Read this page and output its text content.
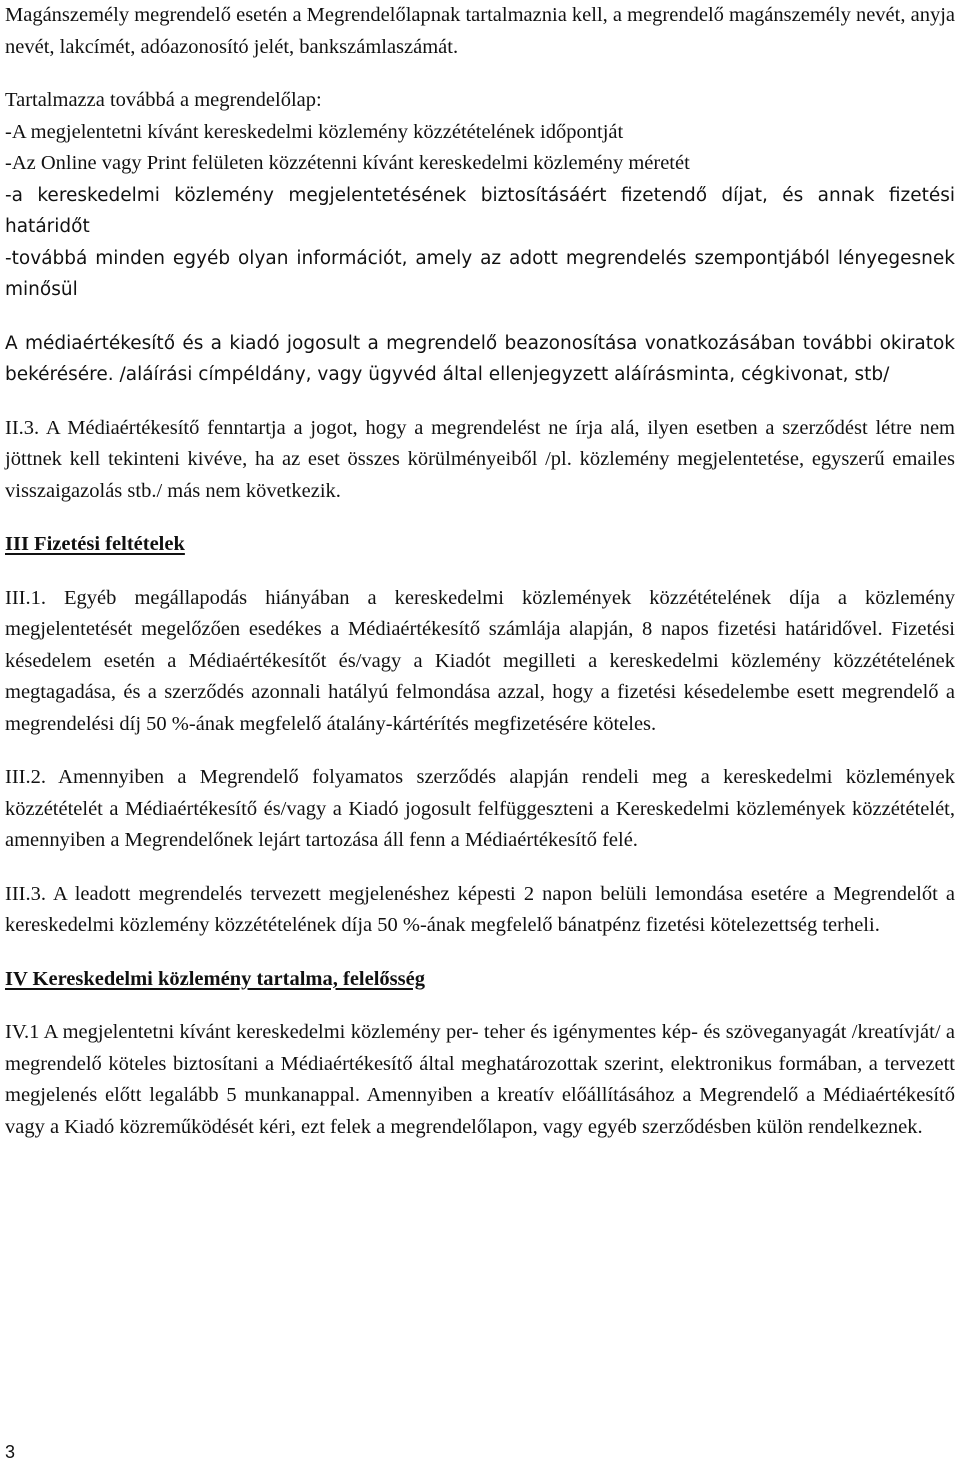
Magánszemély megrendelő esetén a Megrendelőlapnak tartalmaznia kell, a megrendelő magánszemély nevét, anyja nevét, lakcímét, adóazonosító jelét, bankszámlaszámát.

Tartalmazza továbbá a megrendelőlap:

-A megjelentetni kívánt kereskedelmi közlemény közzétételének időpontját

-Az Online vagy Print felületen közzétenni kívánt kereskedelmi közlemény méretét

-a kereskedelmi közlemény megjelentetésének biztosításáért fizetendő díjat, és annak fizetési határidőt

-továbbá minden egyéb olyan információt, amely az adott megrendelés szempontjából lényegesnek minősül

A médiaértékesítő és a kiadó jogosult a megrendelő beazonosítása vonatkozásában további okiratok bekérésére. /aláírási címpéldány, vagy ügyvéd által ellenjegyzett aláírásminta, cégkivonat, stb/

II.3. A Médiaértékesítő fenntartja a jogot, hogy a megrendelést ne írja alá, ilyen esetben a szerződést létre nem jöttnek kell tekinteni kivéve, ha az eset összes körülményeiből /pl. közlemény megjelentetése, egyszerű emailes visszaigazolás stb./ más nem következik.

III Fizetési feltételek

III.1. Egyéb megállapodás hiányában a kereskedelmi közlemények közzétételének díja a közlemény megjelentetését megelőzően esedékes a Médiaértékesítő számlája alapján, 8 napos fizetési határidővel. Fizetési késedelem esetén a Médiaértékesítőt és/vagy a Kiadót megilleti a kereskedelmi közlemény közzétételének megtagadása, és a szerződés azonnali hatályú felmondása azzal, hogy a fizetési késedelembe esett megrendelő a megrendelési díj 50 %-ának megfelelő átalány-kártérítés megfizetésére köteles.

III.2. Amennyiben a Megrendelő folyamatos szerződés alapján rendeli meg a kereskedelmi közlemények közzétételét a Médiaértékesítő és/vagy a Kiadó jogosult felfüggeszteni a Kereskedelmi közlemények közzétételét, amennyiben a Megrendelőnek lejárt tartozása áll fenn a Médiaértékesítő felé.

III.3. A leadott megrendelés tervezett megjelenéshez képesti 2 napon belüli lemondása esetére a Megrendelőt a kereskedelmi közlemény közzétételének díja 50 %-ának megfelelő bánatpénz fizetési kötelezettség terheli.

IV Kereskedelmi közlemény tartalma, felelősség

IV.1 A megjelentetni kívánt kereskedelmi közlemény per- teher és igénymentes kép- és szöveganyagát /kreatívját/ a megrendelő köteles biztosítani a Médiaértékesítő által meghatározottak szerint, elektronikus formában, a tervezett megjelenés előtt legalább 5 munkanappal. Amennyiben a kreatív előállításához a Megrendelő a Médiaértékesítő vagy a Kiadó közreműködését kéri, ezt felek a megrendelőlapon, vagy egyéb szerződésben külön rendelkeznek.

3
